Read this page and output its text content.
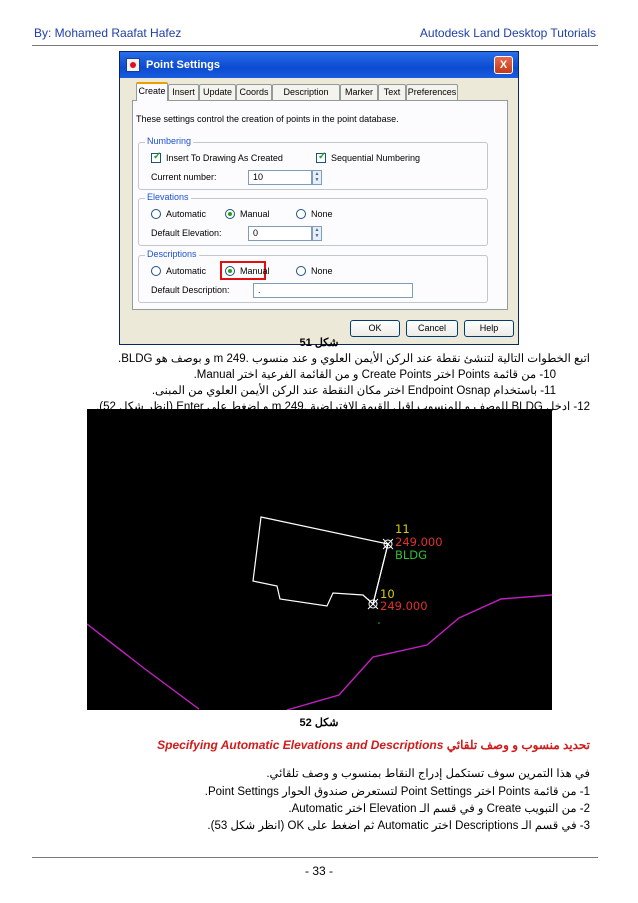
By: Mohamed Raafat Hafez	Autodesk Land Desktop Tutorials
Point Settings	X
Create Insert Update Coords	Description	Marker	Text Preferences
These settings control the creation of points in the point database.
Numbering
✓ Insert To Drawing As Created	✓ Sequential Numbering
Current number:	10	▲
▼
Elevations
Automatic	Manual	None
Default Elevation:	0	▲
▼
Descriptions
Automatic	Manual	None
Default Description:	.
OK	Cancel	Help
شكل 51
اتبع الخطوات التالية لتنشئ نقطة عند الركن الأيمن العلوي و عند منسوب .249 m و بوصف هو BLDG.
10- من قائمة Points اختر Create Points و من القائمة الفرعية اختر Manual.
11- باستخدام Endpoint Osnap اختر مكان النقطة عند الركن الأيمن العلوي من المبنى.
11
249.000
BLDG
10
249.000
شكل 52
تحديد منسوب و وصف تلقائي Specifying Automatic Elevations and Descriptions
في هذا التمرين سوف تستكمل إدراج النقاط بمنسوب و وصف تلقائي.
1- من قائمة Points اختر Point Settings لتستعرض صندوق الحوار Point Settings.
2- من التبويب Create و في قسم الـ Elevation اختر Automatic.
3- في قسم الـ Descriptions اختر Automatic ثم اضغط على OK (انظر شكل 53).
- 33 -
12- ادخل BLDG للوصف و للمنسوب اقبل القيمة الافتراضية .249 m و اضغط على Enter (انظر شكل 52).
